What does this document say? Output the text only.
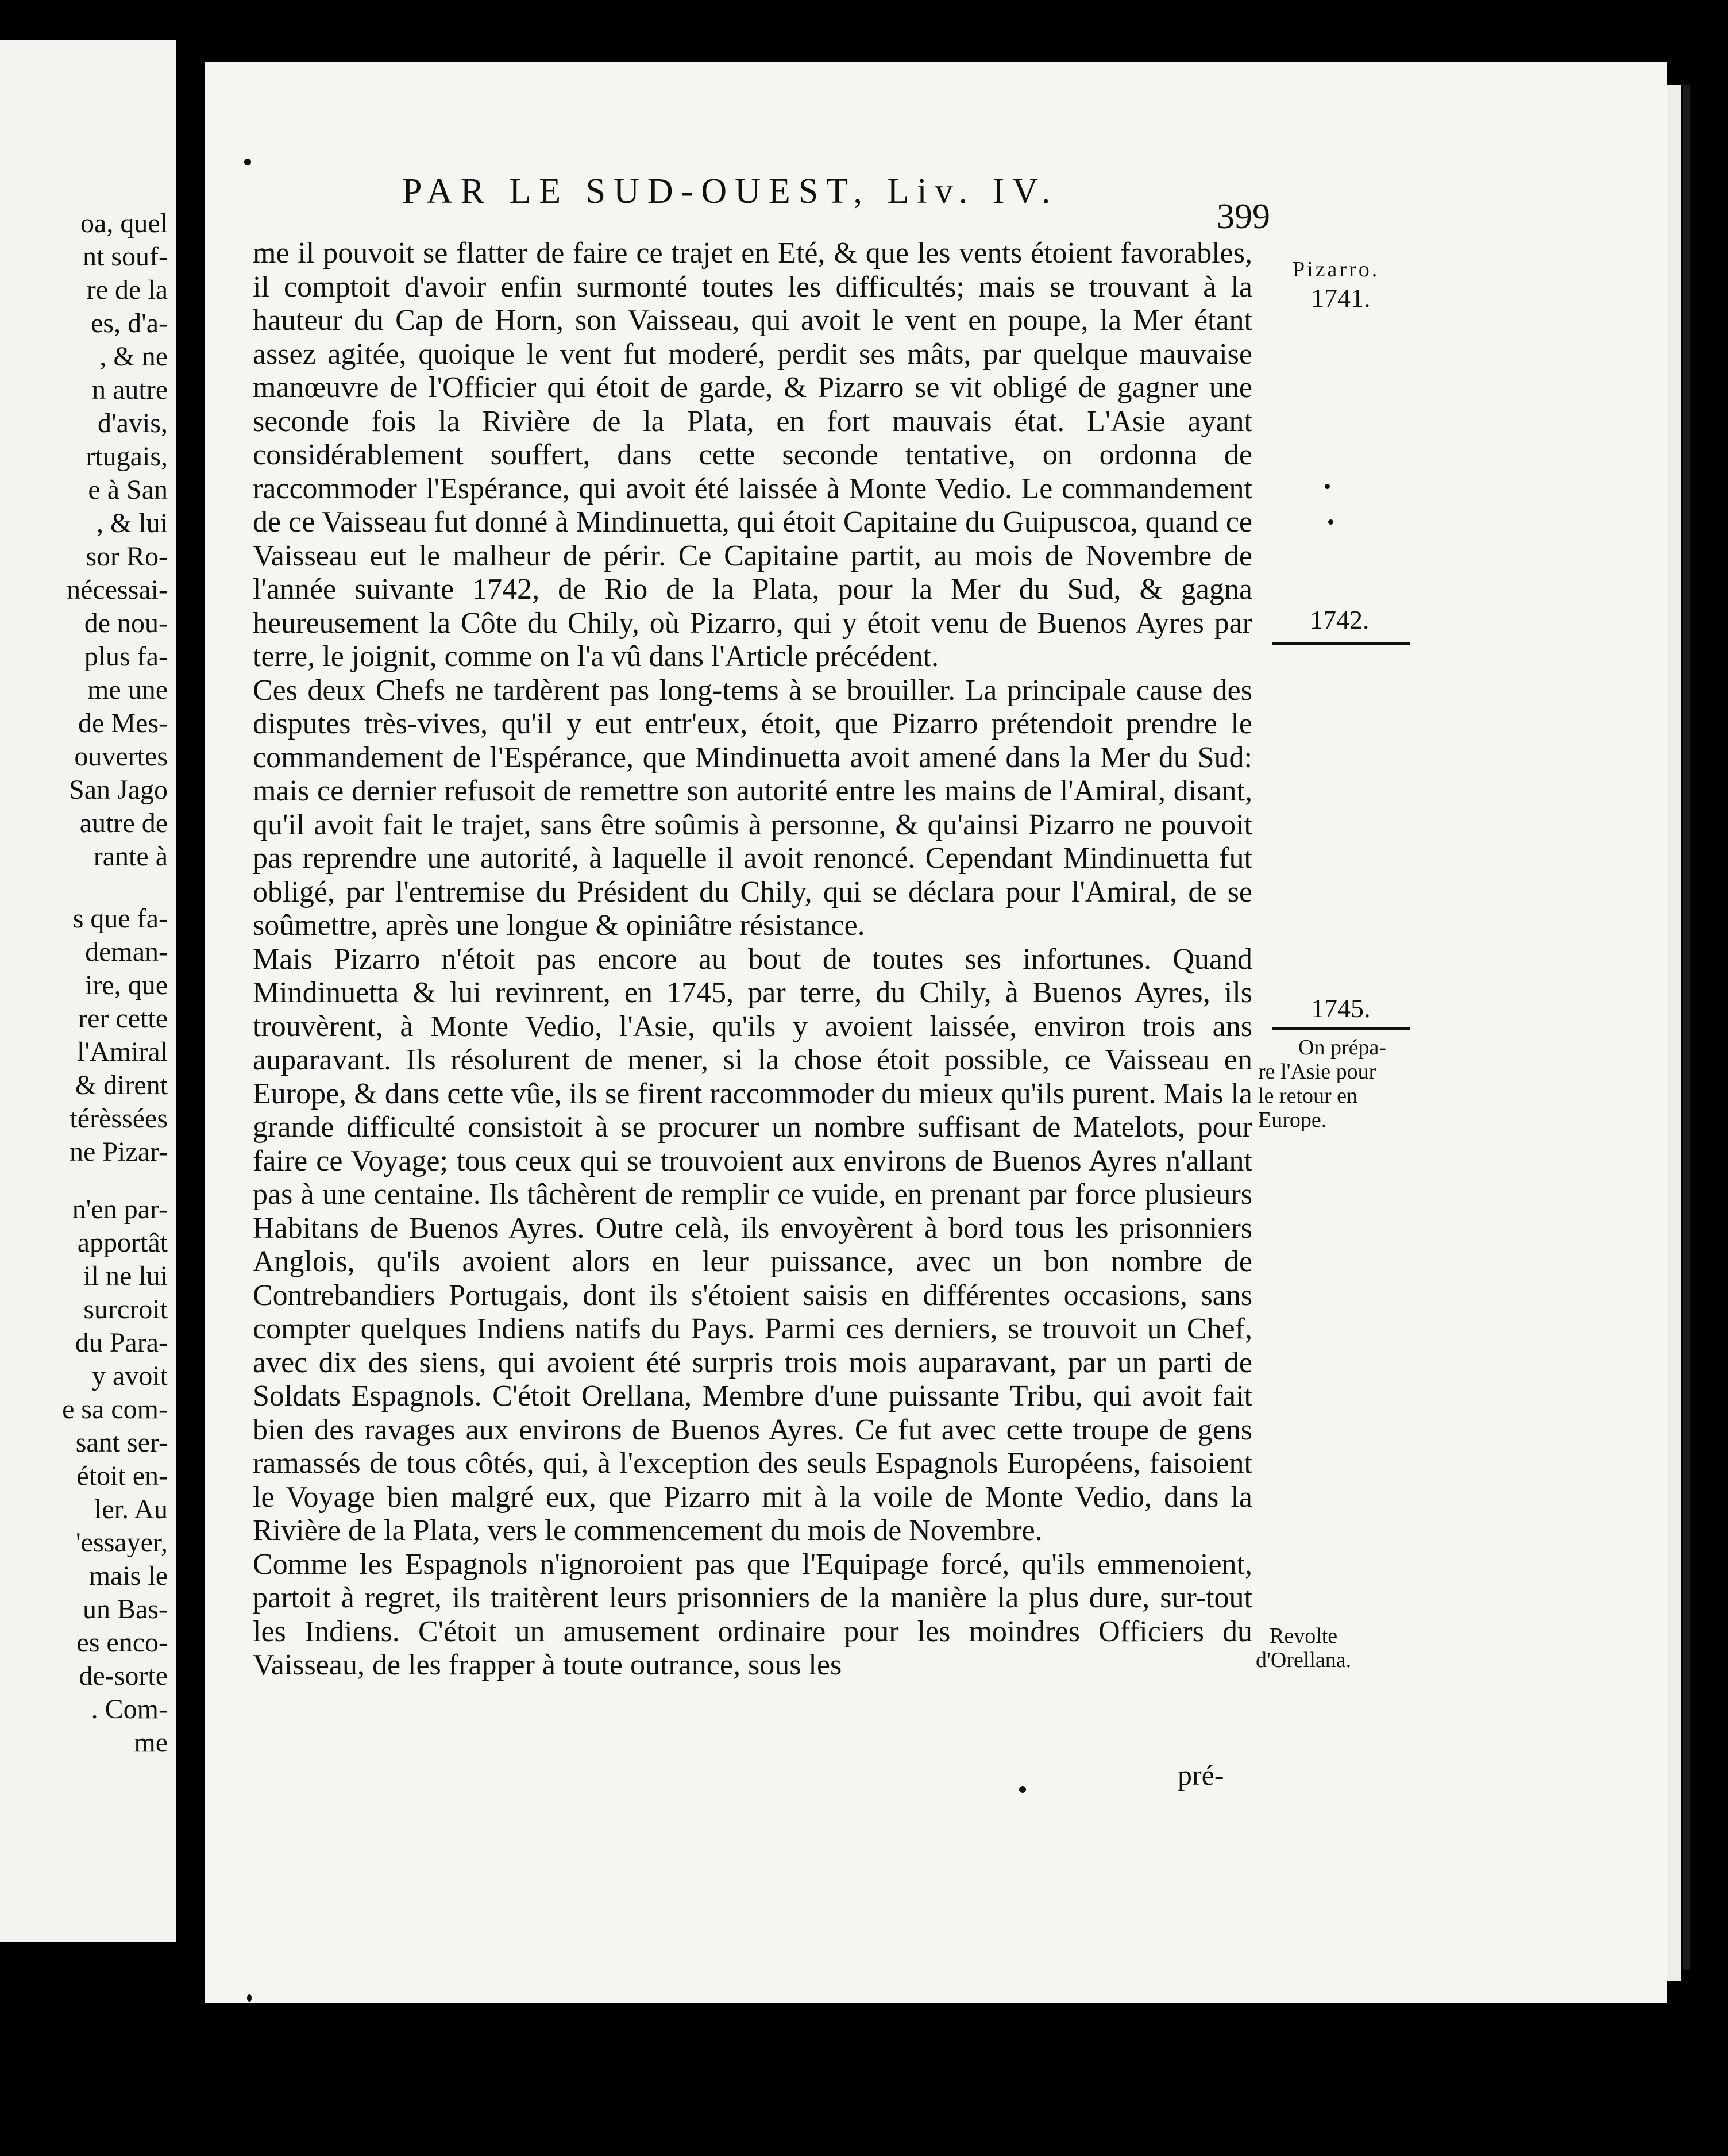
oa, quel
nt souf-
re de la
es, d'a-
, & ne
n autre
d'avis,
rtugais,
e à San
, & lui
sor Ro-
nécessai-
de nou-
plus fa-
me une
de Mes-
ouvertes
San Jago
autre de
rante à
s que fa-
deman-
ire, que
rer cette
l'Amiral
& dirent
térèssées
ne Pizar-
n'en par-
apportât
il ne lui
surcroit
du Para-
y avoit
e sa com-
sant ser-
étoit en-
ler. Au
'essayer,
mais le
un Bas-
es enco-
de-sorte
. Com-
me
PAR LE SUD-OUEST, Liv. IV.
399

me il pouvoit se flatter de faire ce trajet en Eté, & que les vents étoient favorables, il comptoit d'avoir enfin surmonté toutes les difficultés; mais se trouvant à la hauteur du Cap de Horn, son Vaisseau, qui avoit le vent en poupe, la Mer étant assez agitée, quoique le vent fut moderé, perdit ses mâts, par quelque mauvaise manœuvre de l'Officier qui étoit de garde, & Pizarro se vit obligé de gagner une seconde fois la Rivière de la Plata, en fort mauvais état. L'Asie ayant considérablement souffert, dans cette seconde tentative, on ordonna de raccommoder l'Espérance, qui avoit été laissée à Monte Vedio. Le commandement de ce Vaisseau fut donné à Mindinuetta, qui étoit Capitaine du Guipuscoa, quand ce Vaisseau eut le malheur de périr. Ce Capitaine partit, au mois de Novembre de l'année suivante 1742, de Rio de la Plata, pour la Mer du Sud, & gagna heureusement la Côte du Chily, où Pizarro, qui y étoit venu de Buenos Ayres par terre, le joignit, comme on l'a vû dans l'Article précédent.

Ces deux Chefs ne tardèrent pas long-tems à se brouiller. La principale cause des disputes très-vives, qu'il y eut entr'eux, étoit, que Pizarro prétendoit prendre le commandement de l'Espérance, que Mindinuetta avoit amené dans la Mer du Sud: mais ce dernier refusoit de remettre son autorité entre les mains de l'Amiral, disant, qu'il avoit fait le trajet, sans être soûmis à personne, & qu'ainsi Pizarro ne pouvoit pas reprendre une autorité, à laquelle il avoit renoncé. Cependant Mindinuetta fut obligé, par l'entremise du Président du Chily, qui se déclara pour l'Amiral, de se soûmettre, après une longue & opiniâtre résistance.

Mais Pizarro n'étoit pas encore au bout de toutes ses infortunes. Quand Mindinuetta & lui revinrent, en 1745, par terre, du Chily, à Buenos Ayres, ils trouvèrent, à Monte Vedio, l'Asie, qu'ils y avoient laissée, environ trois ans auparavant. Ils résolurent de mener, si la chose étoit possible, ce Vaisseau en Europe, & dans cette vûe, ils se firent raccommoder du mieux qu'ils purent. Mais la grande difficulté consistoit à se procurer un nombre suffisant de Matelots, pour faire ce Voyage; tous ceux qui se trouvoient aux environs de Buenos Ayres n'allant pas à une centaine. Ils tâchèrent de remplir ce vuide, en prenant par force plusieurs Habitans de Buenos Ayres. Outre celà, ils envoyèrent à bord tous les prisonniers Anglois, qu'ils avoient alors en leur puissance, avec un bon nombre de Contrebandiers Portugais, dont ils s'étoient saisis en différentes occasions, sans compter quelques Indiens natifs du Pays. Parmi ces derniers, se trouvoit un Chef, avec dix des siens, qui avoient été surpris trois mois auparavant, par un parti de Soldats Espagnols. C'étoit Orellana, Membre d'une puissante Tribu, qui avoit fait bien des ravages aux environs de Buenos Ayres. Ce fut avec cette troupe de gens ramassés de tous côtés, qui, à l'exception des seuls Espagnols Européens, faisoient le Voyage bien malgré eux, que Pizarro mit à la voile de Monte Vedio, dans la Rivière de la Plata, vers le commencement du mois de Novembre.

Comme les Espagnols n'ignoroient pas que l'Equipage forcé, qu'ils emmenoient, partoit à regret, ils traitèrent leurs prisonniers de la manière la plus dure, sur-tout les Indiens. C'étoit un amusement ordinaire pour les moindres Officiers du Vaisseau, de les frapper à toute outrance, sous les

Pizarro.
1741.
1742.
1745.
On prépa-
re l'Asie pour
le retour en
Europe.
Revolte
d'Orellana.
pré-
